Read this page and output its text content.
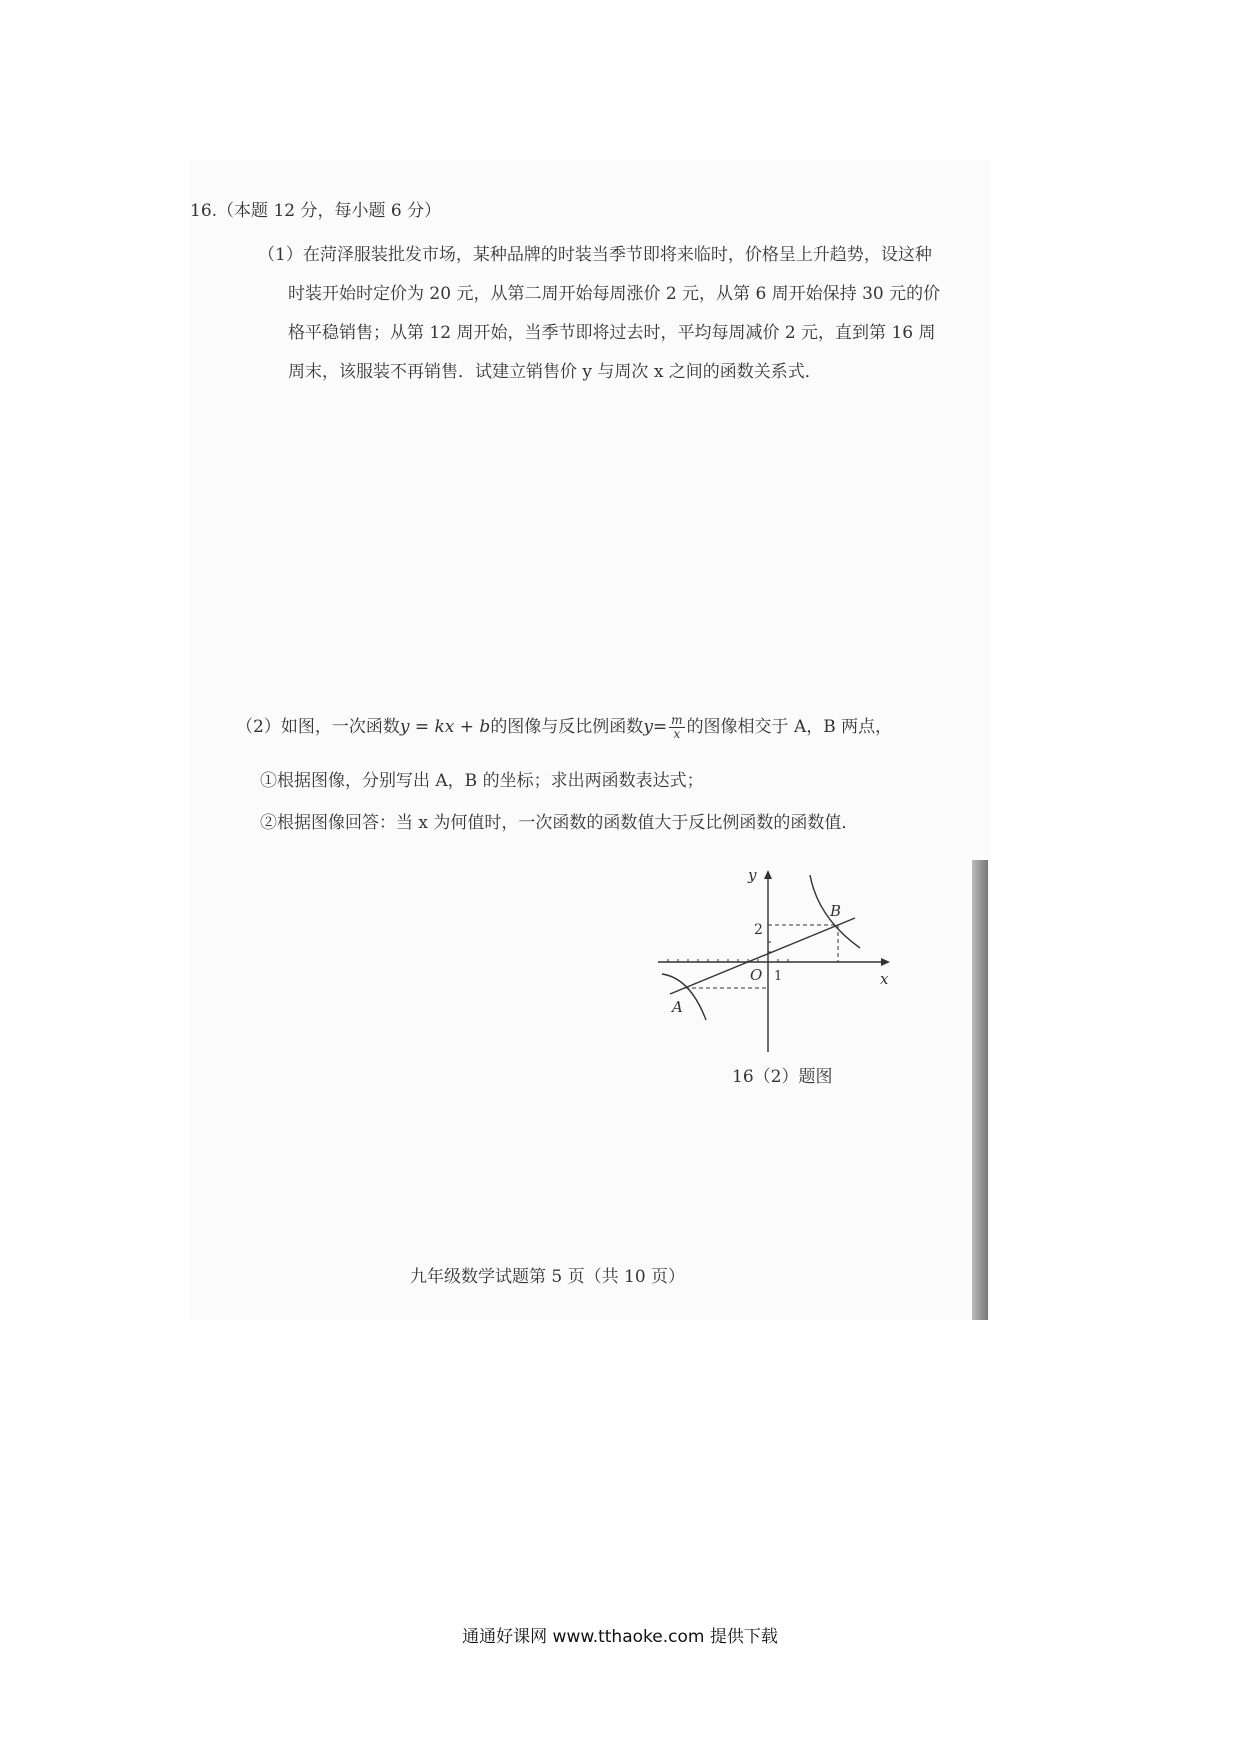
16.（本题 12 分，每小题 6 分）
（1）在菏泽服装批发市场，某种品牌的时装当季节即将来临时，价格呈上升趋势，设这种时装开始时定价为 20 元，从第二周开始每周涨价 2 元，从第 6 周开始保持 30 元的价格平稳销售；从第 12 周开始，当季节即将过去时，平均每周减价 2 元，直到第 16 周周末，该服装不再销售．试建立销售价 y 与周次 x 之间的函数关系式．
（2）如图，一次函数y = kx + b的图像与反比例函数$y= \frac{m}{x}$ 的图像相交于 A，B 两点，
①根据图像，分别写出 A，B 的坐标；求出两函数表达式；
②根据图像回答：当 x 为何值时，一次函数的函数值大于反比例函数的函数值．
y
x
O 1
2
B
A
16（2）题图
九年级数学试题第 5 页（共 10 页）
通通好课网 www.tthaoke.com 提供下载
